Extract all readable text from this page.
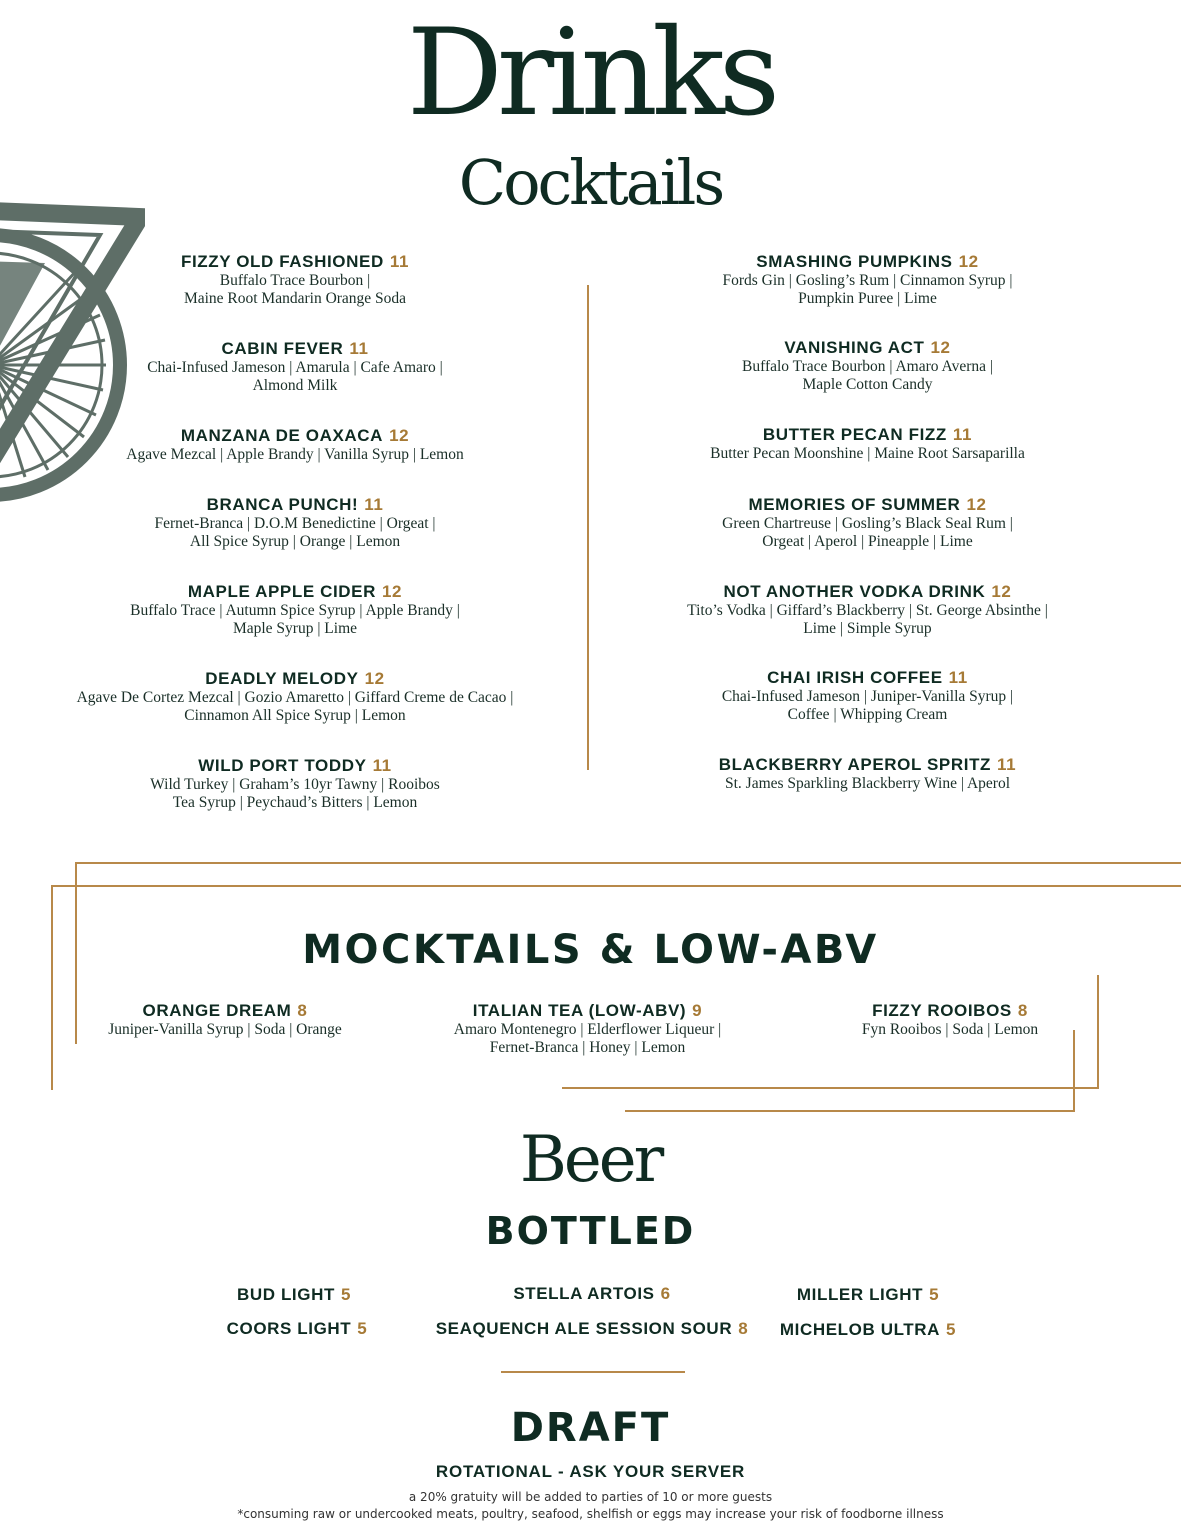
Drinks
Cocktails
FIZZY OLD FASHIONED 11
Buffalo Trace Bourbon |
Maine Root Mandarin Orange Soda
CABIN FEVER 11
Chai-Infused Jameson | Amarula | Cafe Amaro |
Almond Milk
MANZANA DE OAXACA 12
Agave Mezcal | Apple Brandy | Vanilla Syrup | Lemon
BRANCA PUNCH! 11
Fernet-Branca | D.O.M Benedictine | Orgeat |
All Spice Syrup | Orange | Lemon
MAPLE APPLE CIDER 12
Buffalo Trace | Autumn Spice Syrup | Apple Brandy |
Maple Syrup | Lime
DEADLY MELODY 12
Agave De Cortez Mezcal | Gozio Amaretto | Giffard Creme de Cacao |
Cinnamon All Spice Syrup | Lemon
WILD PORT TODDY 11
Wild Turkey | Graham’s 10yr Tawny | Rooibos
Tea Syrup | Peychaud’s Bitters | Lemon
SMASHING PUMPKINS 12
Fords Gin | Gosling’s Rum | Cinnamon Syrup |
Pumpkin Puree | Lime
VANISHING ACT 12
Buffalo Trace Bourbon | Amaro Averna |
Maple Cotton Candy
BUTTER PECAN FIZZ 11
Butter Pecan Moonshine | Maine Root Sarsaparilla
MEMORIES OF SUMMER 12
Green Chartreuse | Gosling’s Black Seal Rum |
Orgeat | Aperol | Pineapple | Lime
NOT ANOTHER VODKA DRINK 12
Tito’s Vodka | Giffard’s Blackberry | St. George Absinthe |
Lime | Simple Syrup
CHAI IRISH COFFEE 11
Chai-Infused Jameson | Juniper-Vanilla Syrup |
Coffee | Whipping Cream
BLACKBERRY APEROL SPRITZ 11
St. James Sparkling Blackberry Wine | Aperol
MOCKTAILS & LOW-ABV
ORANGE DREAM 8
Juniper-Vanilla Syrup | Soda | Orange
ITALIAN TEA (LOW-ABV) 9
Amaro Montenegro | Elderflower Liqueur |
Fernet-Branca | Honey | Lemon
FIZZY ROOIBOS 8
Fyn Rooibos | Soda | Lemon
Beer
BOTTLED
BUD LIGHT 5	STELLA ARTOIS 6	MILLER LIGHT 5
COORS LIGHT 5	SEAQUENCH ALE SESSION SOUR 8	MICHELOB ULTRA 5
DRAFT
ROTATIONAL - ASK YOUR SERVER
a 20% gratuity will be added to parties of 10 or more guests
*consuming raw or undercooked meats, poultry, seafood, shelfish or eggs may increase your risk of foodborne illness
